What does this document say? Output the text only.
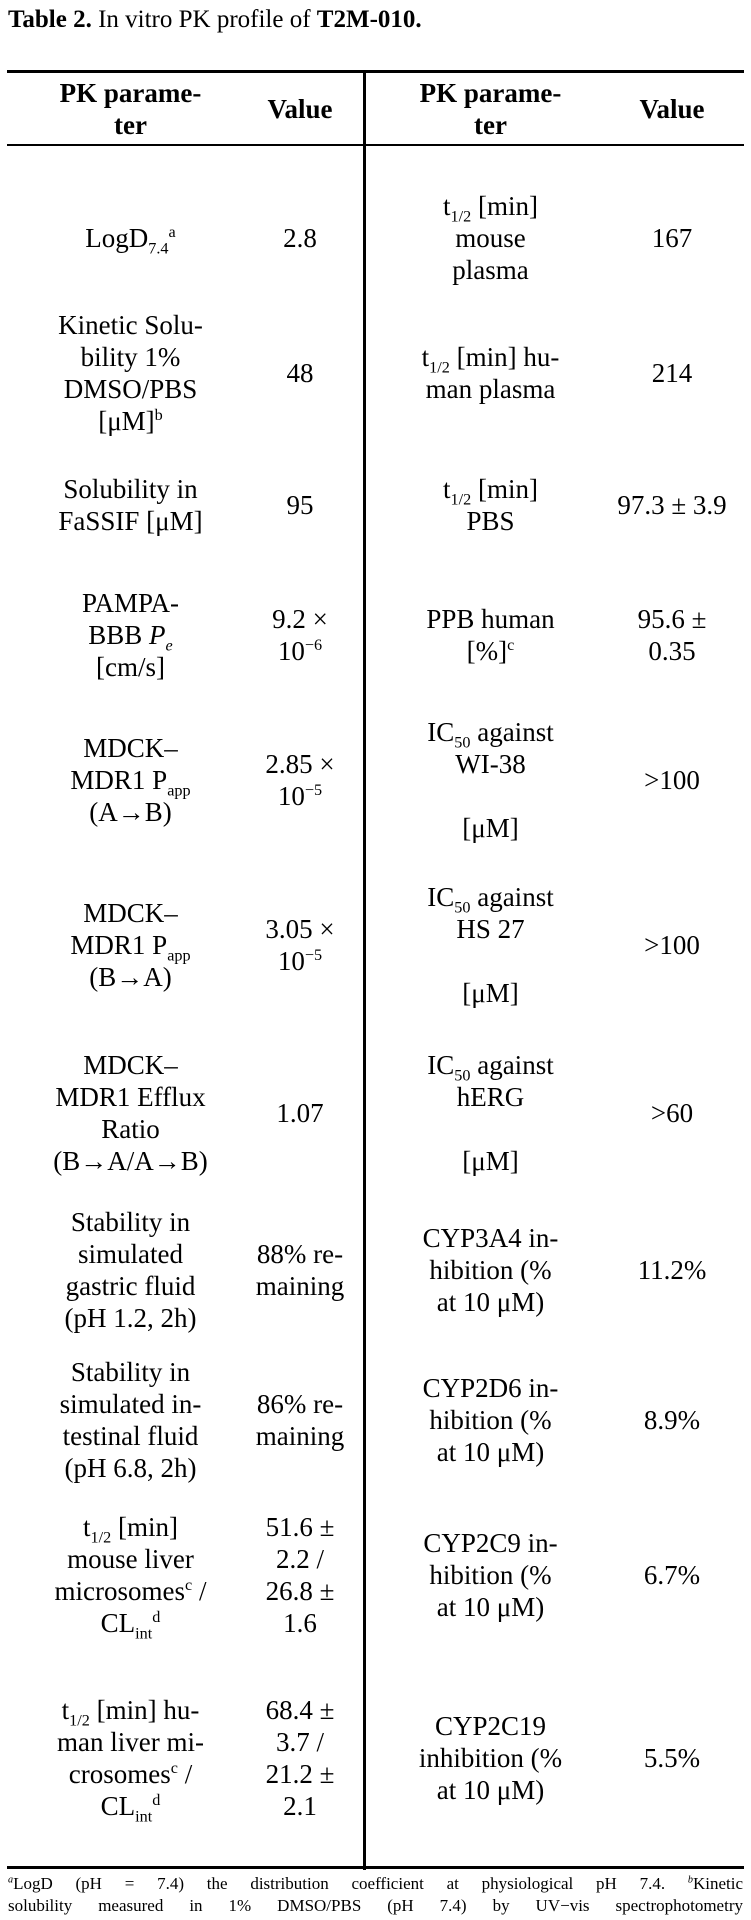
Table 2. In vitro PK profile of T2M-010.
PK parame-
ter
Value
PK parame-
ter
Value
LogD$_{7.4}^a$	2.8
$t_{1/2}$ [min]
mouse
plasma
167
Kinetic Solu-
bility 1%
DMSO/PBS
$[\mu M]^b$
48
$t_{1/2}$ [min] hu-
man plasma
214
Solubility in
FaSSIF [μM]
95
$t_{1/2}$ [min]
PBS
97.3 ± 3.9
PAMPA-
BBB $P_e$
[cm/s]
9.2 ×
$10^{-6}$
PPB human
[%]$^c$
95.6 ±
0.35
MDCK–
MDR1 $P_{app}$
(A→B)
2.85 ×
$10^{-5}$
$IC_{50}$ against
WI-38

[μM]
>100
MDCK–
MDR1 $P_{app}$
(B→A)
3.05 ×
$10^{-5}$
$IC_{50}$ against
HS 27

[μM]
>100
MDCK–
MDR1 Efflux
Ratio
(B→A/A→B)
1.07
$IC_{50}$ against
hERG

[μM]
>60
Stability in
simulated
gastric fluid
(pH 1.2, 2h)
88% re-
maining
CYP3A4 in-
hibition (%
at 10 μM)
11.2%
Stability in
simulated in-
testinal fluid
(pH 6.8, 2h)
86% re-
maining
CYP2D6 in-
hibition (%
at 10 μM)
8.9%
$t_{1/2}$ [min]
mouse liver
microsomes$^c$ /
$CL_{int}^d$
51.6 ±
2.2 /
26.8 ±
1.6
CYP2C9 in-
hibition (%
at 10 μM)
6.7%
$t_{1/2}$ [min] hu-
man liver mi-
crosomes$^c$ /
$CL_{int}^d$
68.4 ±
3.7 /
21.2 ±
2.1
CYP2C19
inhibition (%
at 10 μM)
5.5%

$^a$LogD (pH = 7.4) the distribution coefficient at physiological pH 7.4. $^b$Kinetic

solubility measured in 1% DMSO/PBS (pH 7.4) by UV−vis spectrophotometry
